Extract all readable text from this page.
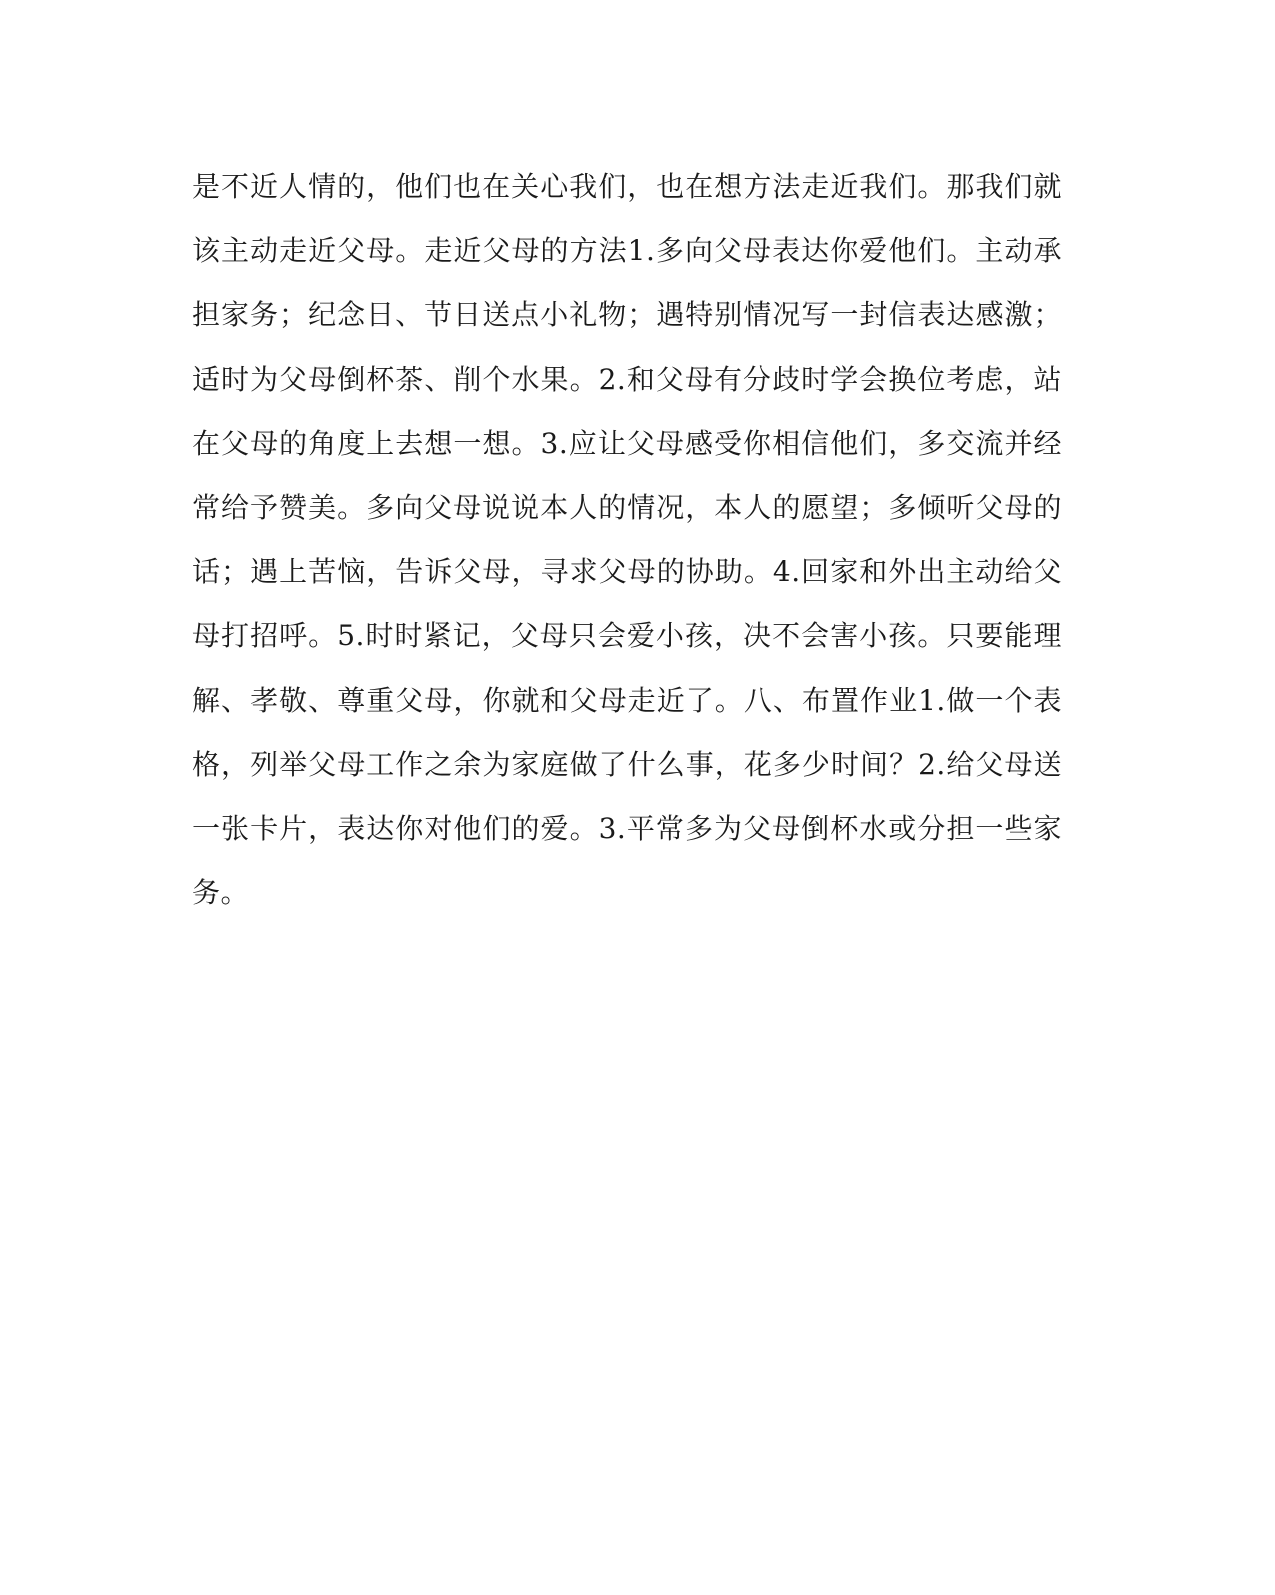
是不近人情的，他们也在关心我们，也在想方法走近我们。那我们就
该主动走近父母。走近父母的方法1.多向父母表达你爱他们。主动承
担家务；纪念日、节日送点小礼物；遇特别情况写一封信表达感激；
适时为父母倒杯茶、削个水果。2.和父母有分歧时学会换位考虑，站
在父母的角度上去想一想。3.应让父母感受你相信他们，多交流并经
常给予赞美。多向父母说说本人的情况，本人的愿望；多倾听父母的
话；遇上苦恼，告诉父母，寻求父母的协助。4.回家和外出主动给父
母打招呼。5.时时紧记，父母只会爱小孩，决不会害小孩。只要能理
解、孝敬、尊重父母，你就和父母走近了。八、布置作业1.做一个表
格，列举父母工作之余为家庭做了什么事，花多少时间？2.给父母送
一张卡片，表达你对他们的爱。3.平常多为父母倒杯水或分担一些家
务。
